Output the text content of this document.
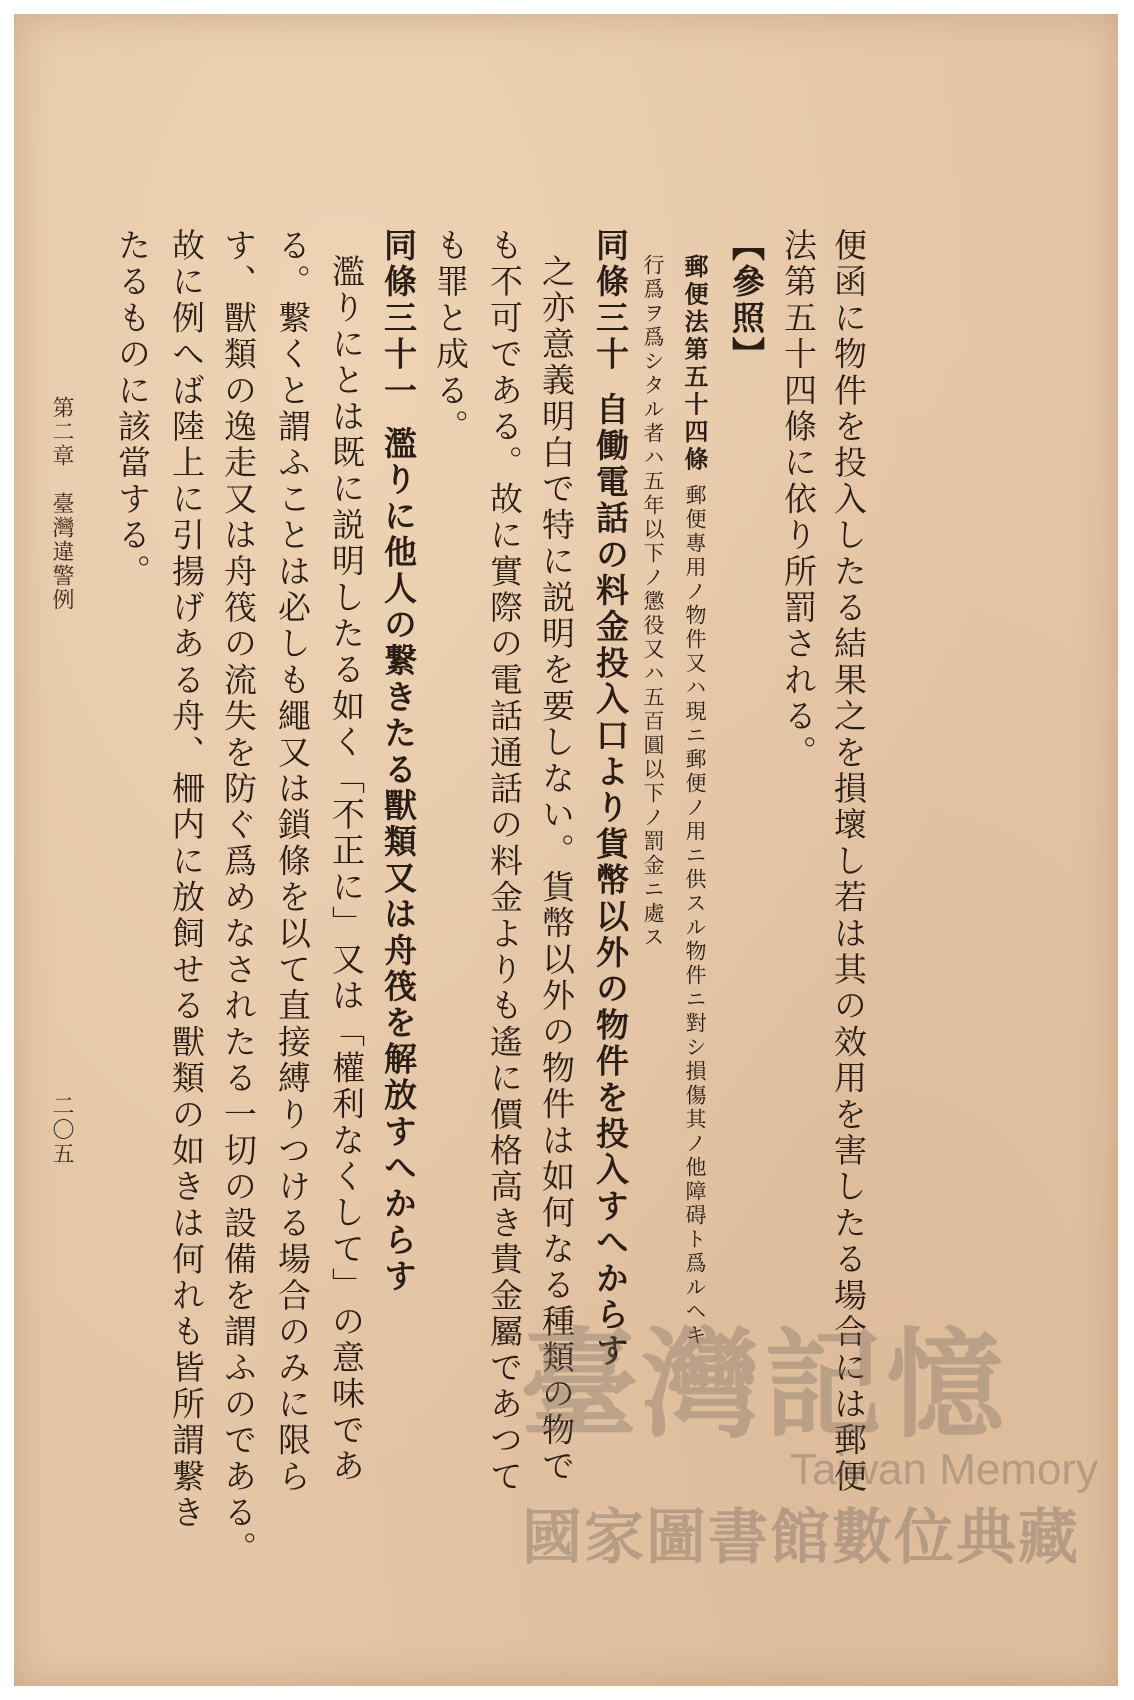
便函に物件を投入したる結果之を損壞し若は其の效用を害したる場合には郵便
法第五十四條に依り所罰される。
【參照】
郵便法第五十四條
郵便專用ノ物件又ハ現ニ郵便ノ用ニ供スル物件ニ對シ損傷其ノ他障碍ト爲ルヘキ
行爲ヲ爲シタル者ハ五年以下ノ懲役又ハ五百圓以下ノ罰金ニ處ス
同條三十
自働電話の料金投入口より貨幣以外の物件を投入すへからす
之亦意義明白で特に説明を要しない。貨幣以外の物件は如何なる種類の物で
も不可である。故に實際の電話通話の料金よりも遙に價格高き貴金屬であつて
も罪と成る。
同條三十一
濫りに他人の繋きたる獸類又は舟筏を解放すへからす
濫りにとは既に説明したる如く「不正に」又は「權利なくして」の意味であ
る。繋くと謂ふことは必しも繩又は鎖條を以て直接縛りつける場合のみに限ら
す、獸類の逸走又は舟筏の流失を防ぐ爲めなされたる一切の設備を謂ふのである。
故に例へば陸上に引揚げある舟、柵内に放飼せる獸類の如きは何れも皆所謂繋き
たるものに該當する。
第二章　臺灣違警例
二〇五
臺灣記憶
Taiwan Memory
國家圖書館數位典藏
